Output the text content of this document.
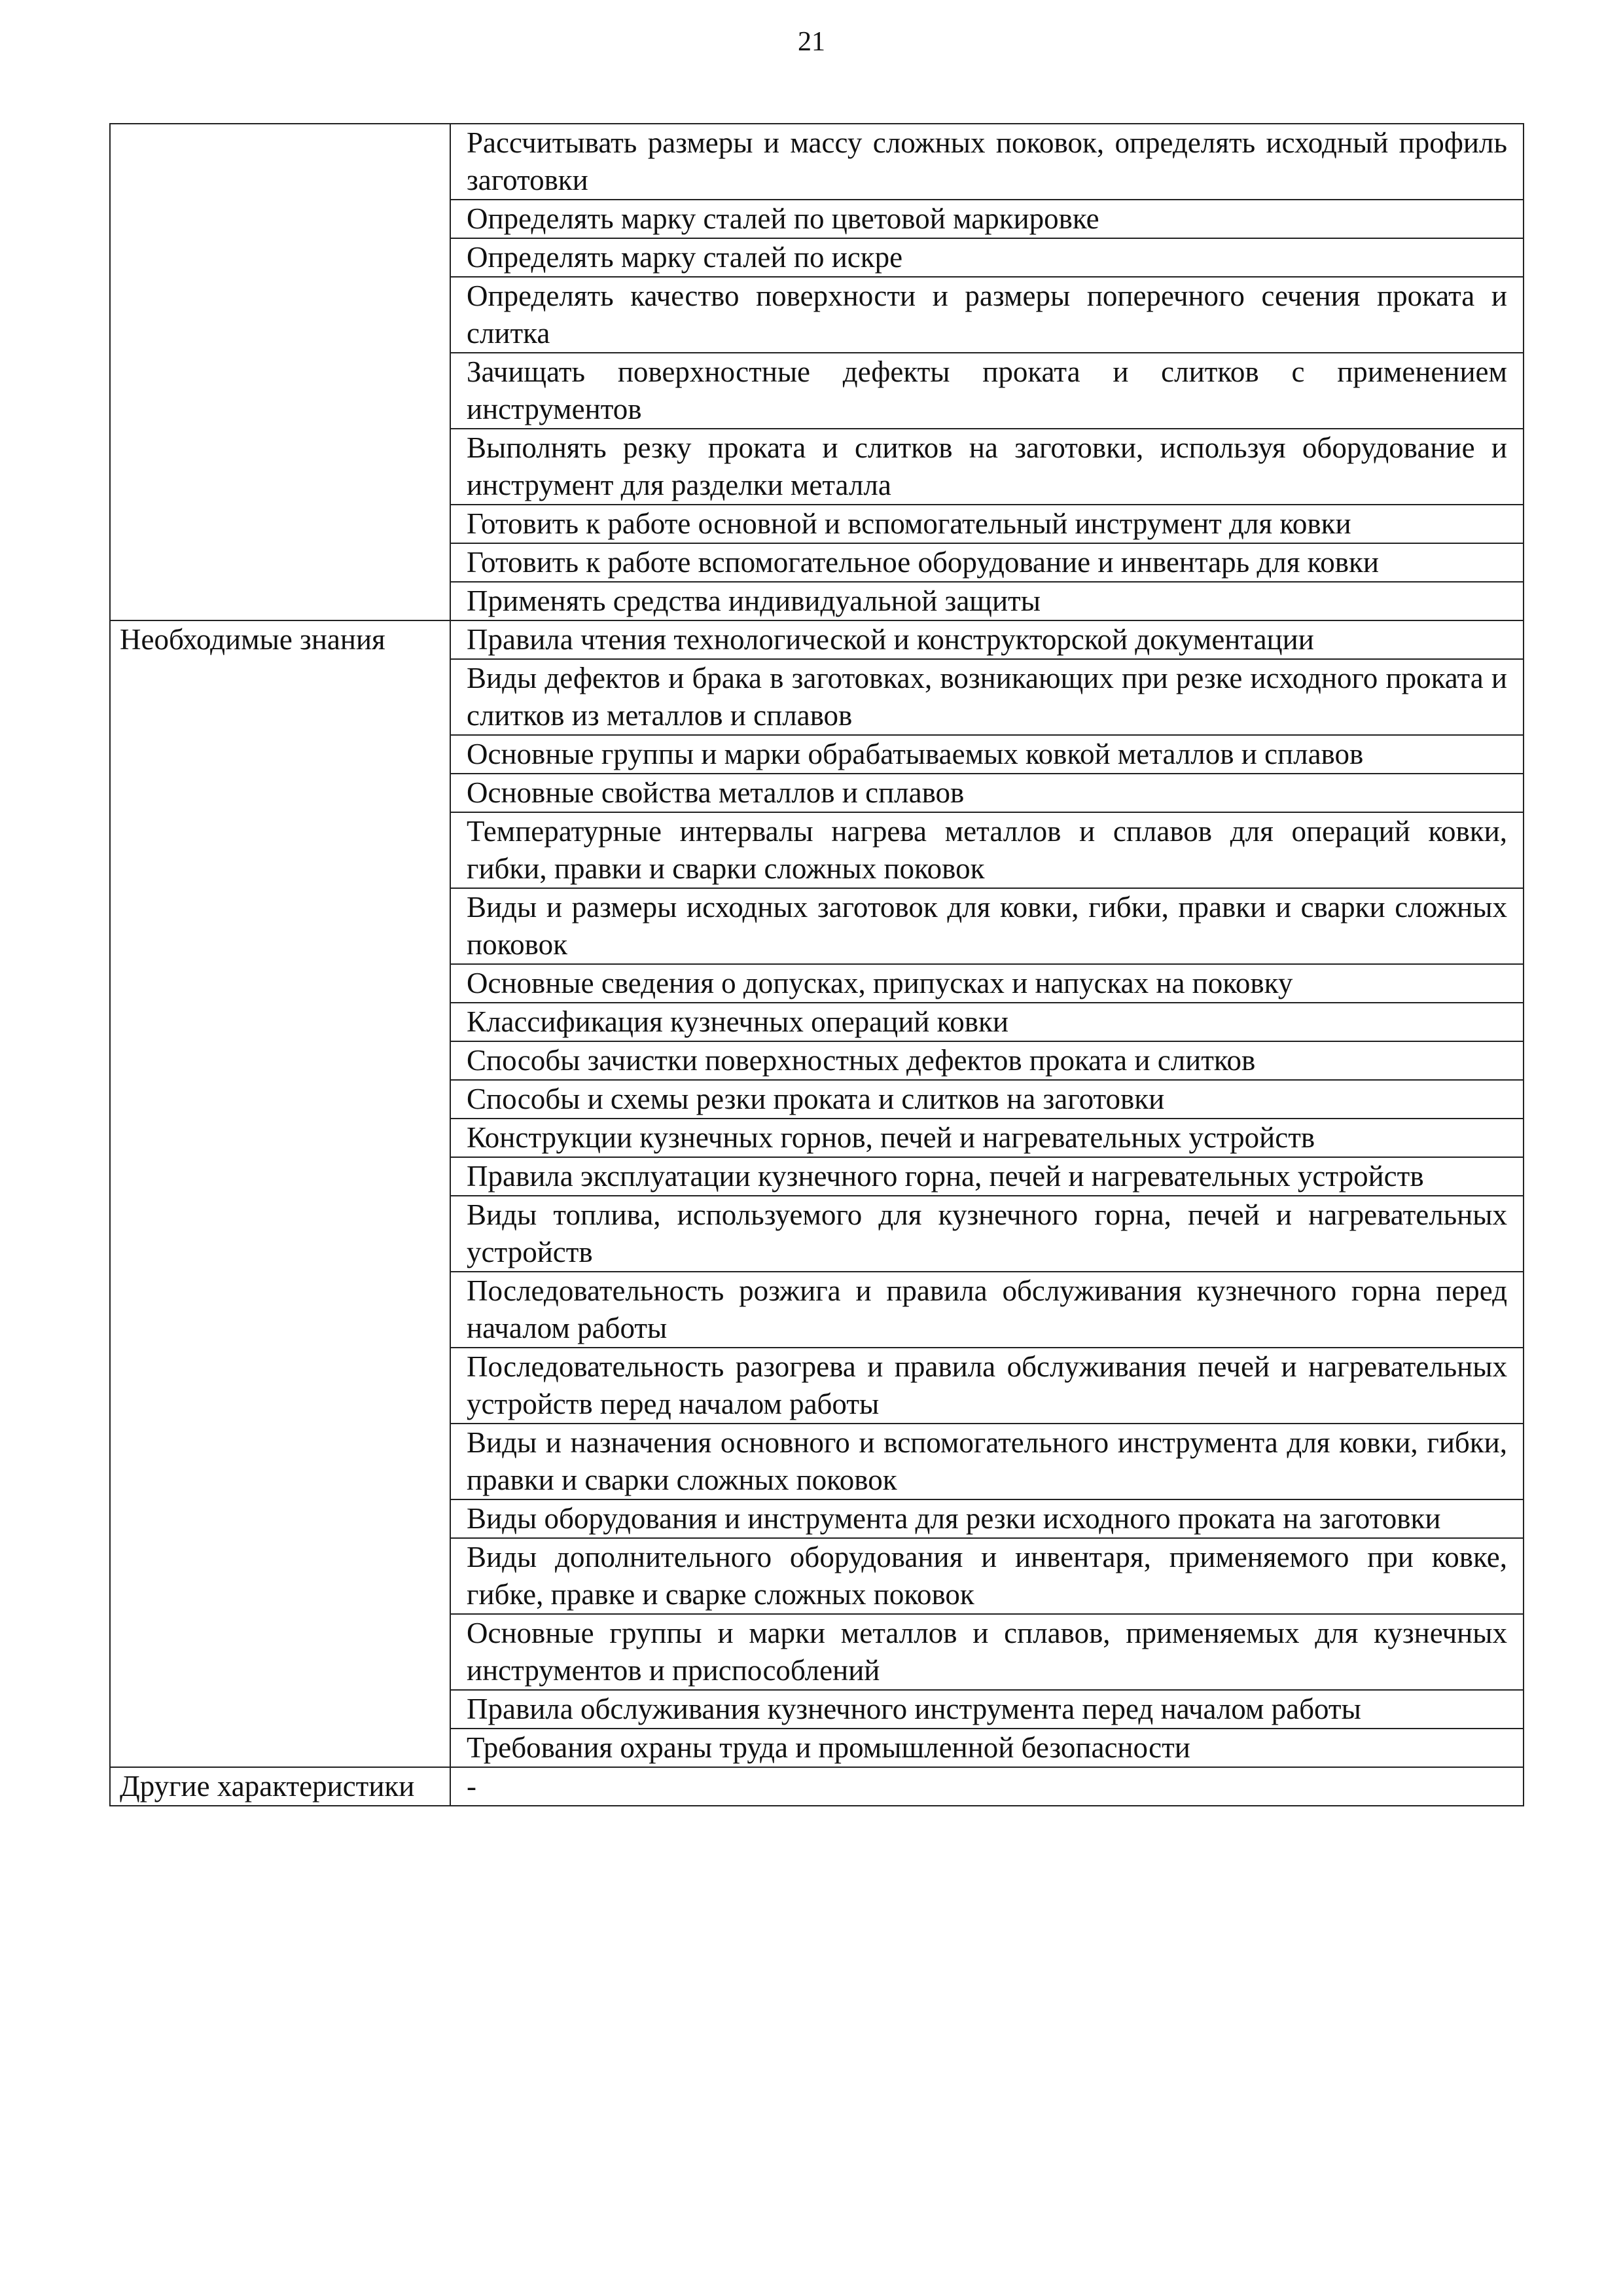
21
	Рассчитывать размеры и массу сложных поковок, определять исходный профиль заготовки
	Определять марку сталей по цветовой маркировке
	Определять марку сталей по искре
	Определять качество поверхности и размеры поперечного сечения проката и слитка
	Зачищать поверхностные дефекты проката и слитков с применением инструментов
	Выполнять резку проката и слитков на заготовки, используя оборудование и инструмент для разделки металла
	Готовить к работе основной и вспомогательный инструмент для ковки
	Готовить к работе вспомогательное оборудование и инвентарь для ковки
	Применять средства индивидуальной защиты
Необходимые знания	Правила чтения технологической и конструкторской документации
	Виды дефектов и брака в заготовках, возникающих при резке исходного проката и слитков из металлов и сплавов
	Основные группы и марки обрабатываемых ковкой металлов и сплавов
	Основные свойства металлов и сплавов
	Температурные интервалы нагрева металлов и сплавов для операций ковки, гибки, правки и сварки сложных поковок
	Виды и размеры исходных заготовок для ковки, гибки, правки и сварки сложных поковок
	Основные сведения о допусках, припусках и напусках на поковку
	Классификация кузнечных операций ковки
	Способы зачистки поверхностных дефектов проката и слитков
	Способы и схемы резки проката и слитков на заготовки
	Конструкции кузнечных горнов, печей и нагревательных устройств
	Правила эксплуатации кузнечного горна, печей и нагревательных устройств
	Виды топлива, используемого для кузнечного горна, печей и нагревательных устройств
	Последовательность розжига и правила обслуживания кузнечного горна перед началом работы
	Последовательность разогрева и правила обслуживания печей и нагревательных устройств перед началом работы
	Виды и назначения основного и вспомогательного инструмента для ковки, гибки, правки и сварки сложных поковок
	Виды оборудования и инструмента для резки исходного проката на заготовки
	Виды дополнительного оборудования и инвентаря, применяемого при ковке, гибке, правке и сварке сложных поковок
	Основные группы и марки металлов и сплавов, применяемых для кузнечных инструментов и приспособлений
	Правила обслуживания кузнечного инструмента перед началом работы
	Требования охраны труда и промышленной безопасности
Другие характеристики	-
